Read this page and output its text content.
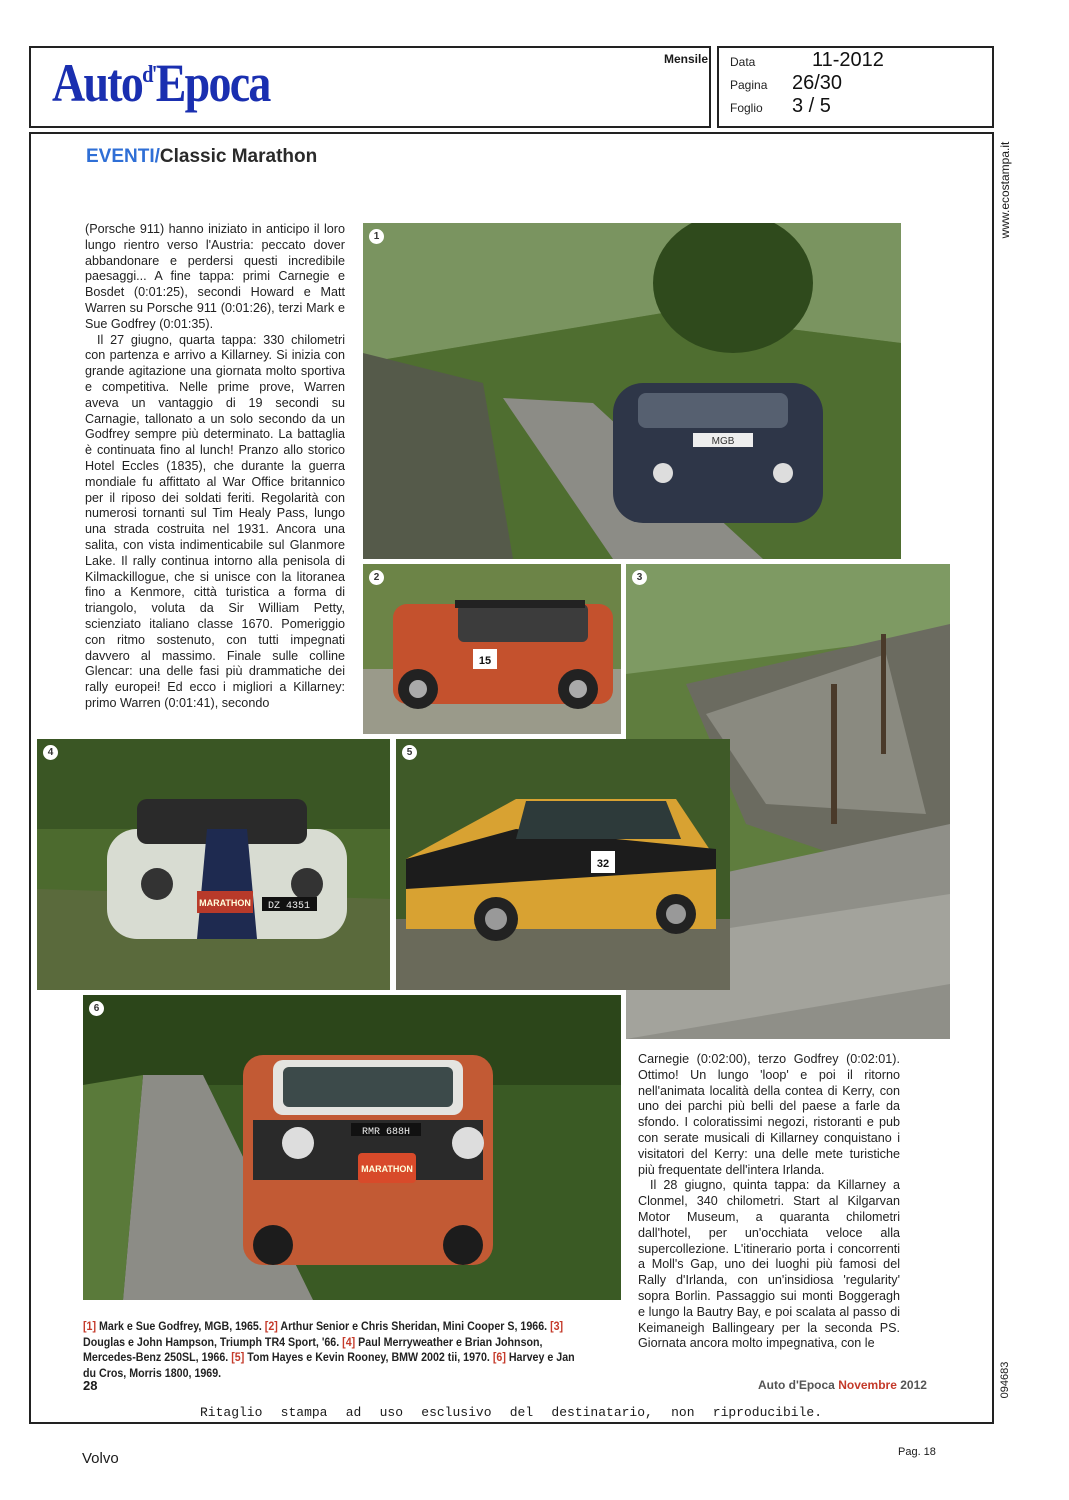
Auto$^{d'}$Epoca	Mensile Data	11-2012
Pagina 26/30
Foglio 3 / 5
www.ecostampa.it
094683
EVENTI/Classic Marathon

(Porsche 911) hanno iniziato in anticipo il loro lungo rientro verso l'Austria: peccato dover abbandonare e perdersi questi incredibile paesaggi... A fine tappa: primi Carnegie e Bosdet (0:01:25), secondi Howard e Matt Warren su Porsche 911 (0:01:26), terzi Mark e Sue Godfrey (0:01:35).

Il 27 giugno, quarta tappa: 330 chilometri con partenza e arrivo a Killarney. Si inizia con grande agitazione una giornata molto sportiva e competitiva. Nelle prime prove, Warren aveva un vantaggio di 19 secondi su Carnagie, tallonato a un solo secondo da un Godfrey sempre più determinato. La battaglia è continuata fino al lunch! Pranzo allo storico Hotel Eccles (1835), che durante la guerra mondiale fu affittato al War Office britannico per il riposo dei soldati feriti. Regolarità con numerosi tornanti sul Tim Healy Pass, lungo una strada costruita nel 1931. Ancora una salita, con vista indimenticabile sul Glanmore Lake. Il rally continua intorno alla penisola di Kilmackillogue, che si unisce con la litoranea fino a Kenmore, città turistica a forma di triangolo, voluta da Sir William Petty, scienziato italiano classe 1670. Pomeriggio con ritmo sostenuto, con tutti impegnati davvero al massimo. Finale sulle colline Glencar: una delle fasi più drammatiche dei rally europei! Ed ecco i migliori a Killarney: primo Warren (0:01:41), secondo

MGB
1
15
2	3
MARATHON DZ 4351
4
32
5
RMR 688H
MARATHON
6

Carnegie (0:02:00), terzo Godfrey (0:02:01). Ottimo! Un lungo 'loop' e poi il ritorno nell'animata località della contea di Kerry, con uno dei parchi più belli del paese a farle da sfondo. I coloratissimi negozi, ristoranti e pub con serate musicali di Killarney conquistano i visitatori del Kerry: una delle mete turistiche più frequentate dell'intera Irlanda.

Il 28 giugno, quinta tappa: da Killarney a Clonmel, 340 chilometri. Start al Kilgarvan Motor Museum, a quaranta chilometri dall'hotel, per un'occhiata veloce alla supercollezione. L'itinerario porta i concorrenti a Moll's Gap, uno dei luoghi più famosi del Rally d'Irlanda, con un'insidiosa 'regularity' sopra Borlin. Passaggio sui monti Boggeragh e lungo la Bautry Bay, e poi scalata al passo di Keimaneigh Ballingeary per la seconda PS. Giornata ancora molto impegnativa, con le

[1] Mark e Sue Godfrey, MGB, 1965. [2] Arthur Senior e Chris Sheridan, Mini Cooper S, 1966. [3] Douglas e John Hampson, Triumph TR4 Sport, '66. [4] Paul Merryweather e Brian Johnson, Mercedes-Benz 250SL, 1966. [5] Tom Hayes e Kevin Rooney, BMW 2002 tii, 1970. [6] Harvey e Jan du Cros, Morris 1800, 1969.
28	Auto d'Epoca Novembre 2012
Ritaglio stampa ad uso esclusivo del destinatario, non riproducibile.
Volvo	Pag. 18
